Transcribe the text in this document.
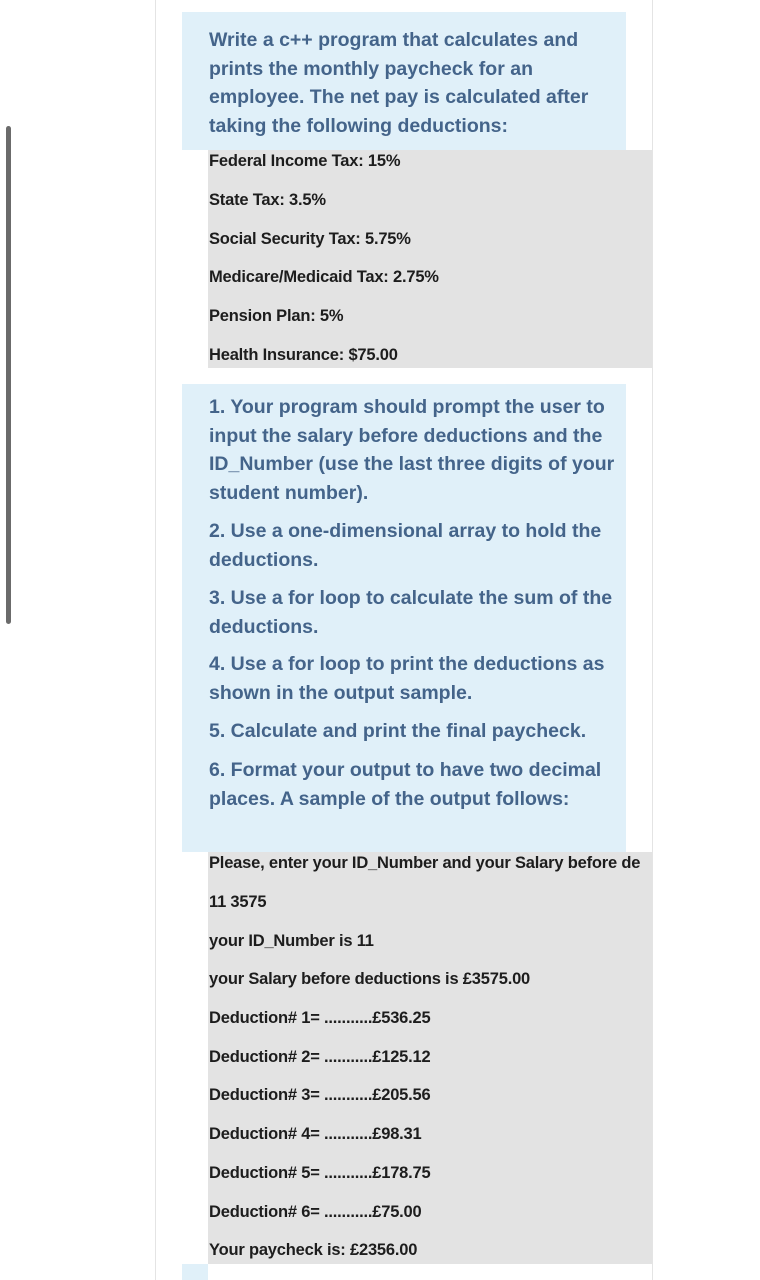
Write a c++ program that calculates and prints the monthly paycheck for an employee. The net pay is calculated after taking the following deductions:

Federal Income Tax: 15%
State Tax: 3.5%
Social Security Tax: 5.75%
Medicare/Medicaid Tax: 2.75%
Pension Plan: 5%
Health Insurance: $75.00

1. Your program should prompt the user to input the salary before deductions and the ID_Number (use the last three digits of your student number).

2. Use a one-dimensional array to hold the deductions.

3. Use a for loop to calculate the sum of the deductions.

4. Use a for loop to print the deductions as shown in the output sample.

5. Calculate and print the final paycheck.

6. Format your output to have two decimal places. A sample of the output follows:

Please, enter your ID_Number and your Salary before de
11 3575
your ID_Number is 11
your Salary before deductions is £3575.00
Deduction# 1= ...........£536.25
Deduction# 2= ...........£125.12
Deduction# 3= ...........£205.56
Deduction# 4= ...........£98.31
Deduction# 5= ...........£178.75
Deduction# 6= ...........£75.00
Your paycheck is: £2356.00
